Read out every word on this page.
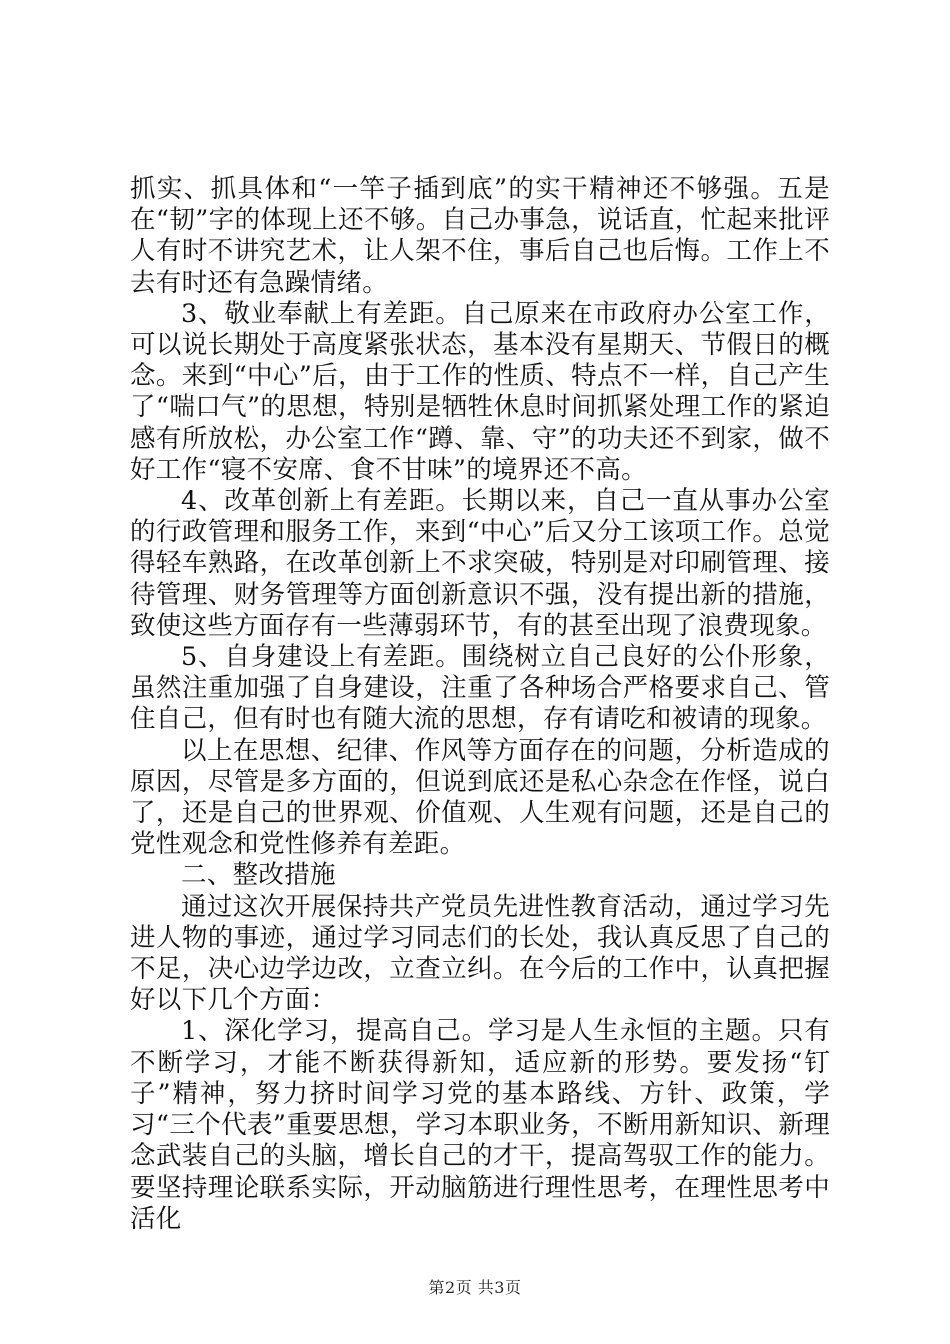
抓实、抓具体和“一竿子插到底”的实干精神还不够强。五是在“韧”字的体现上还不够。自己办事急，说话直，忙起来批评人有时不讲究艺术，让人架不住，事后自己也后悔。工作上不去有时还有急躁情绪。

3、敬业奉献上有差距。自己原来在市政府办公室工作，可以说长期处于高度紧张状态，基本没有星期天、节假日的概念。来到“中心”后，由于工作的性质、特点不一样，自己产生了“喘口气”的思想，特别是牺牲休息时间抓紧处理工作的紧迫感有所放松，办公室工作“蹲、靠、守”的功夫还不到家，做不好工作“寝不安席、食不甘味”的境界还不高。

4、改革创新上有差距。长期以来，自己一直从事办公室的行政管理和服务工作，来到“中心”后又分工该项工作。总觉得轻车熟路，在改革创新上不求突破，特别是对印刷管理、接待管理、财务管理等方面创新意识不强，没有提出新的措施，致使这些方面存有一些薄弱环节，有的甚至出现了浪费现象。

5、自身建设上有差距。围绕树立自己良好的公仆形象，虽然注重加强了自身建设，注重了各种场合严格要求自己、管住自己，但有时也有随大流的思想，存有请吃和被请的现象。

以上在思想、纪律、作风等方面存在的问题，分析造成的原因，尽管是多方面的，但说到底还是私心杂念在作怪，说白了，还是自己的世界观、价值观、人生观有问题，还是自己的党性观念和党性修养有差距。

二、整改措施

通过这次开展保持共产党员先进性教育活动，通过学习先进人物的事迹，通过学习同志们的长处，我认真反思了自己的不足，决心边学边改，立查立纠。在今后的工作中，认真把握好以下几个方面：

1、深化学习，提高自己。学习是人生永恒的主题。只有不断学习，才能不断获得新知，适应新的形势。要发扬“钉子”精神，努力挤时间学习党的基本路线、方针、政策，学习“三个代表”重要思想，学习本职业务，不断用新知识、新理念武装自己的头脑，增长自己的才干，提高驾驭工作的能力。要坚持理论联系实际，开动脑筋进行理性思考，在理性思考中活化

第2页 共3页
